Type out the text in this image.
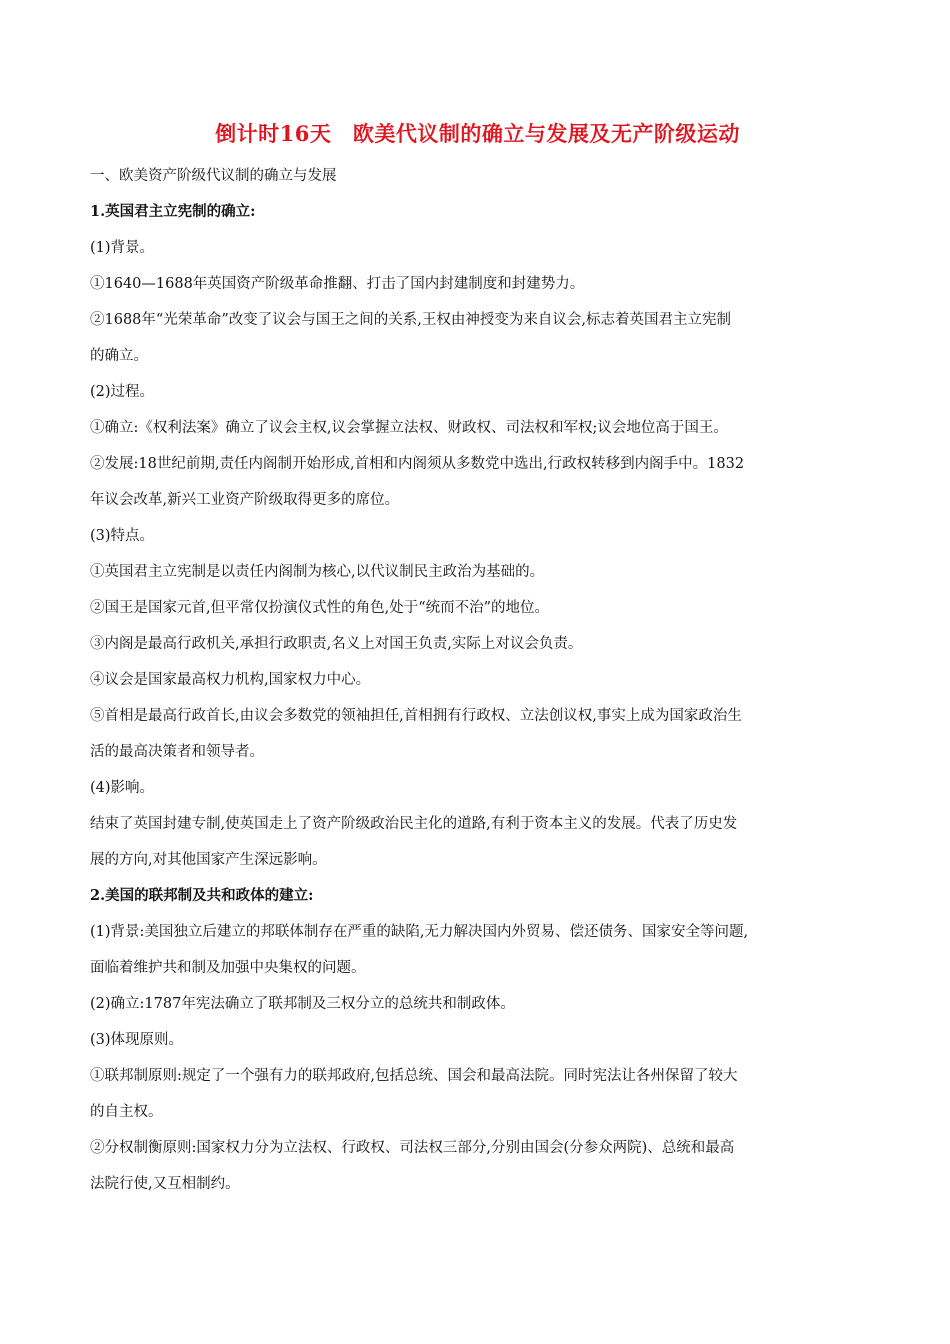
倒计时16天　欧美代议制的确立与发展及无产阶级运动

一、欧美资产阶级代议制的确立与发展

1.英国君主立宪制的确立:

(1)背景。

①1640—1688年英国资产阶级革命推翻、打击了国内封建制度和封建势力。

②1688年“光荣革命”改变了议会与国王之间的关系,王权由神授变为来自议会,标志着英国君主立宪制

的确立。

(2)过程。

①确立:《权利法案》确立了议会主权,议会掌握立法权、财政权、司法权和军权;议会地位高于国王。

②发展:18世纪前期,责任内阁制开始形成,首相和内阁须从多数党中选出,行政权转移到内阁手中。1832

年议会改革,新兴工业资产阶级取得更多的席位。

(3)特点。

①英国君主立宪制是以责任内阁制为核心,以代议制民主政治为基础的。

②国王是国家元首,但平常仅扮演仪式性的角色,处于“统而不治”的地位。

③内阁是最高行政机关,承担行政职责,名义上对国王负责,实际上对议会负责。

④议会是国家最高权力机构,国家权力中心。

⑤首相是最高行政首长,由议会多数党的领袖担任,首相拥有行政权、立法创议权,事实上成为国家政治生

活的最高决策者和领导者。

(4)影响。

结束了英国封建专制,使英国走上了资产阶级政治民主化的道路,有利于资本主义的发展。代表了历史发

展的方向,对其他国家产生深远影响。

2.美国的联邦制及共和政体的建立:

(1)背景:美国独立后建立的邦联体制存在严重的缺陷,无力解决国内外贸易、偿还债务、国家安全等问题,

面临着维护共和制及加强中央集权的问题。

(2)确立:1787年宪法确立了联邦制及三权分立的总统共和制政体。

(3)体现原则。

①联邦制原则:规定了一个强有力的联邦政府,包括总统、国会和最高法院。同时宪法让各州保留了较大

的自主权。

②分权制衡原则:国家权力分为立法权、行政权、司法权三部分,分别由国会(分参众两院)、总统和最高

法院行使,又互相制约。
